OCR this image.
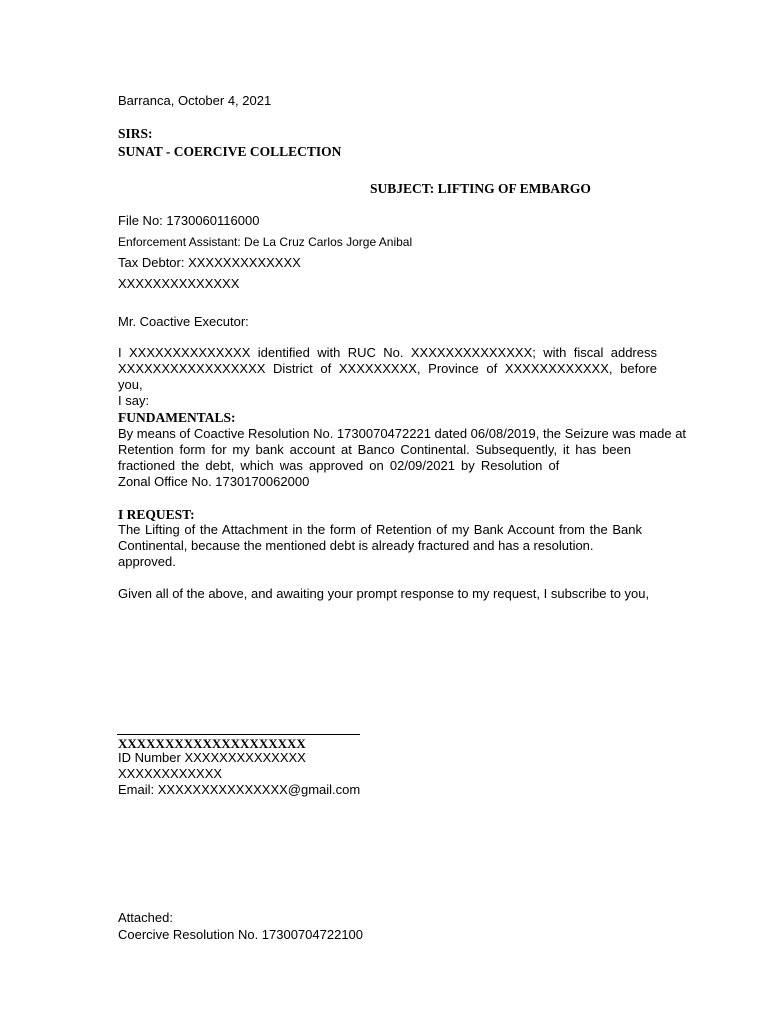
Barranca, October 4, 2021
SIRS:
SUNAT - COERCIVE COLLECTION
SUBJECT: LIFTING OF EMBARGO
File No: 1730060116000
Enforcement Assistant: De La Cruz Carlos Jorge Anibal
Tax Debtor: XXXXXXXXXXXXX
XXXXXXXXXXXXXX
Mr. Coactive Executor:
I XXXXXXXXXXXXXX identified with RUC No. XXXXXXXXXXXXXX; with fiscal address
XXXXXXXXXXXXXXXXX District of XXXXXXXXX, Province of XXXXXXXXXXXX, before you,
I say:
FUNDAMENTALS:
By means of Coactive Resolution No. 1730070472221 dated 06/08/2019, the Seizure was made at
Retention form for my bank account at Banco Continental. Subsequently, it has been
fractioned the debt, which was approved on 02/09/2021 by Resolution of
Zonal Office No. 1730170062000
I REQUEST:
The Lifting of the Attachment in the form of Retention of my Bank Account from the Bank
Continental, because the mentioned debt is already fractured and has a resolution.
approved.
Given all of the above, and awaiting your prompt response to my request, I subscribe to you,
XXXXXXXXXXXXXXXXXXXX
ID Number XXXXXXXXXXXXXX
XXXXXXXXXXXX
Email: XXXXXXXXXXXXXXX@gmail.com
Attached:
Coercive Resolution No. 17300704722100
